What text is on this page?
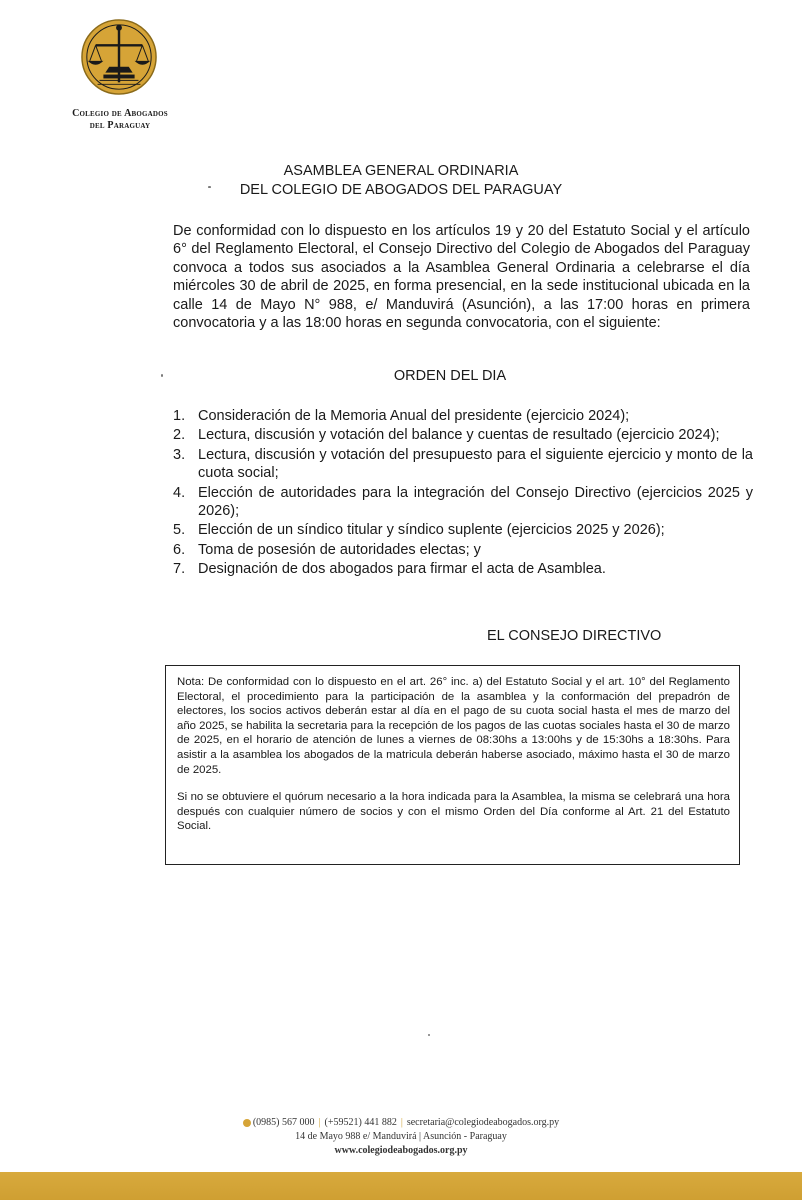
Colegio de Abogados
del Paraguay
ASAMBLEA GENERAL ORDINARIA
DEL COLEGIO DE ABOGADOS DEL PARAGUAY
De conformidad con lo dispuesto en los artículos 19 y 20 del Estatuto Social y el artículo 6° del Reglamento Electoral, el Consejo Directivo del Colegio de Abogados del Paraguay convoca a todos sus asociados a la Asamblea General Ordinaria a celebrarse el día miércoles 30 de abril de 2025, en forma presencial, en la sede institucional ubicada en la calle 14 de Mayo N° 988, e/ Manduvirá (Asunción), a las 17:00 horas en primera convocatoria y a las 18:00 horas en segunda convocatoria, con el siguiente:
ORDEN DEL DIA
1. Consideración de la Memoria Anual del presidente (ejercicio 2024);
2. Lectura, discusión y votación del balance y cuentas de resultado (ejercicio 2024);
3. Lectura, discusión y votación del presupuesto para el siguiente ejercicio y monto de la cuota social;
4. Elección de autoridades para la integración del Consejo Directivo (ejercicios 2025 y 2026);
5. Elección de un síndico titular y síndico suplente (ejercicios 2025 y 2026);
6. Toma de posesión de autoridades electas; y
7. Designación de dos abogados para firmar el acta de Asamblea.
EL CONSEJO DIRECTIVO

Nota: De conformidad con lo dispuesto en el art. 26° inc. a) del Estatuto Social y el art. 10° del Reglamento Electoral, el procedimiento para la participación de la asamblea y la conformación del prepadrón de electores, los socios activos deberán estar al día en el pago de su cuota social hasta el mes de marzo del año 2025, se habilita la secretaria para la recepción de los pagos de las cuotas sociales hasta el 30 de marzo de 2025, en el horario de atención de lunes a viernes de 08:30hs a 13:00hs y de 15:30hs a 18:30hs. Para asistir a la asamblea los abogados de la matricula deberán haberse asociado, máximo hasta el 30 de marzo de 2025.

Si no se obtuviere el quórum necesario a la hora indicada para la Asamblea, la misma se celebrará una hora después con cualquier número de socios y con el mismo Orden del Día conforme al Art. 21 del Estatuto Social.

(0985) 567 000 | (+59521) 441 882 | secretaria@colegiodeabogados.org.py
14 de Mayo 988 e/ Manduvirá | Asunción - Paraguay
www.colegiodeabogados.org.py
